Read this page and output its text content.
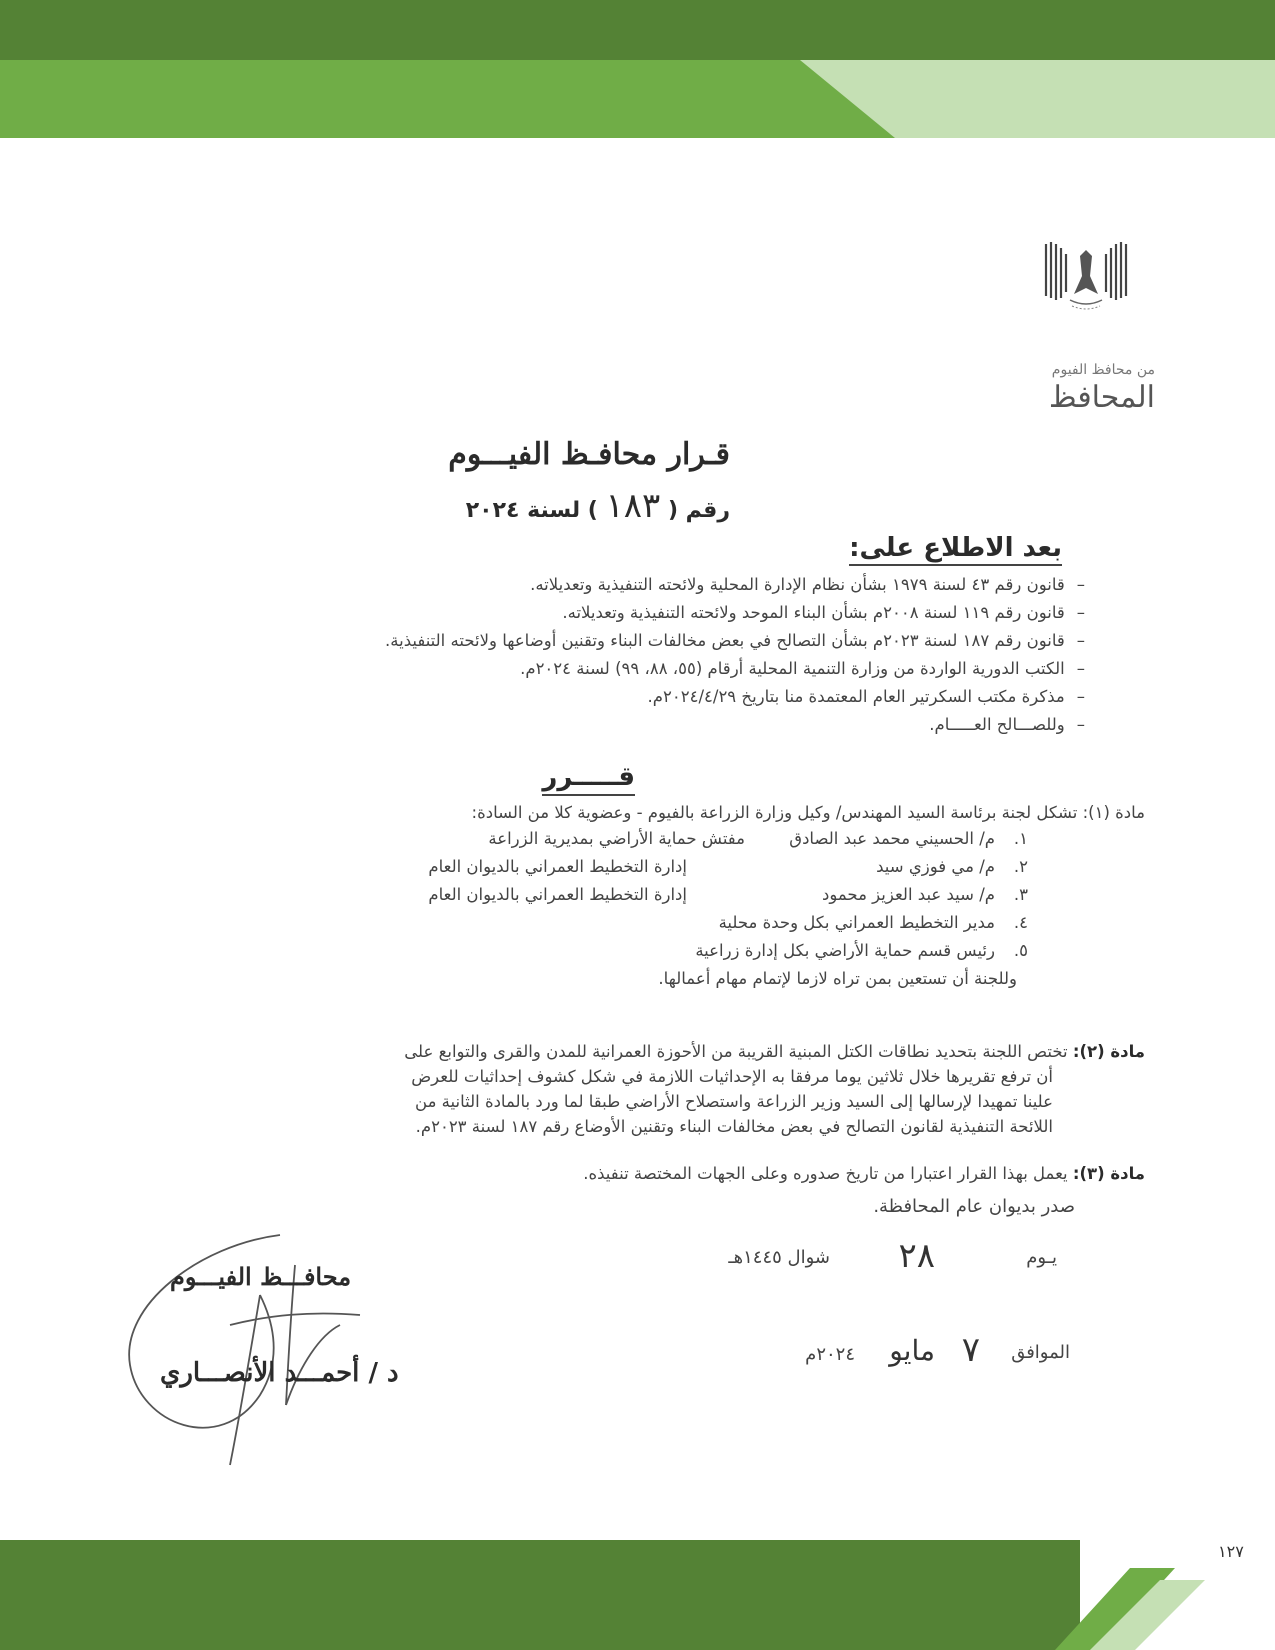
من محافظ الفيوم
المحافظ
قـرار محافـظ الفيـــوم
رقم ( ١٨٣ ) لسنة ٢٠٢٤
بعد الاطلاع على:
–قانون رقم ٤٣ لسنة ١٩٧٩ بشأن نظام الإدارة المحلية ولائحته التنفيذية وتعديلاته.
–قانون رقم ١١٩ لسنة ٢٠٠٨م بشأن البناء الموحد ولائحته التنفيذية وتعديلاته.
–قانون رقم ١٨٧ لسنة ٢٠٢٣م بشأن التصالح في بعض مخالفات البناء وتقنين أوضاعها ولائحته التنفيذية.
–الكتب الدورية الواردة من وزارة التنمية المحلية أرقام (٥٥، ٨٨، ٩٩) لسنة ٢٠٢٤م.
–مذكرة مكتب السكرتير العام المعتمدة منا بتاريخ ٢٠٢٤/٤/٢٩م.
–وللصـــالح العـــــام.
قـــــرر
مادة (١): تشكل لجنة برئاسة السيد المهندس/ وكيل وزارة الزراعة بالفيوم - وعضوية كلا من السادة:
١.
م/ الحسيني محمد عبد الصادق
مفتش حماية الأراضي بمديرية الزراعة
٢.
م/ مي فوزي سيد
إدارة التخطيط العمراني بالديوان العام
٣.
م/ سيد عبد العزيز محمود
إدارة التخطيط العمراني بالديوان العام
٤.
مدير التخطيط العمراني بكل وحدة محلية
٥.
رئيس قسم حماية الأراضي بكل إدارة زراعية
وللجنة أن تستعين بمن تراه لازما لإتمام مهام أعمالها.
مادة (٢): تختص اللجنة بتحديد نطاقات الكتل المبنية القريبة من الأحوزة العمرانية للمدن والقرى والتوابع على
أن ترفع تقريرها خلال ثلاثين يوما مرفقا به الإحداثيات اللازمة في شكل كشوف إحداثيات للعرض
علينا تمهيدا لإرسالها إلى السيد وزير الزراعة واستصلاح الأراضي طبقا لما ورد بالمادة الثانية من
اللائحة التنفيذية لقانون التصالح في بعض مخالفات البناء وتقنين الأوضاع رقم ١٨٧ لسنة ٢٠٢٣م.
مادة (٣): يعمل بهذا القرار اعتبارا من تاريخ صدوره وعلى الجهات المختصة تنفيذه.
صدر بديوان عام المحافظة.
يـوم
٢٨
شوال ١٤٤٥هـ
الموافق
٧
مايو
٢٠٢٤م
محافـــظ الفيـــوم
د / أحمـــد الأنصـــاري
١٢٧
